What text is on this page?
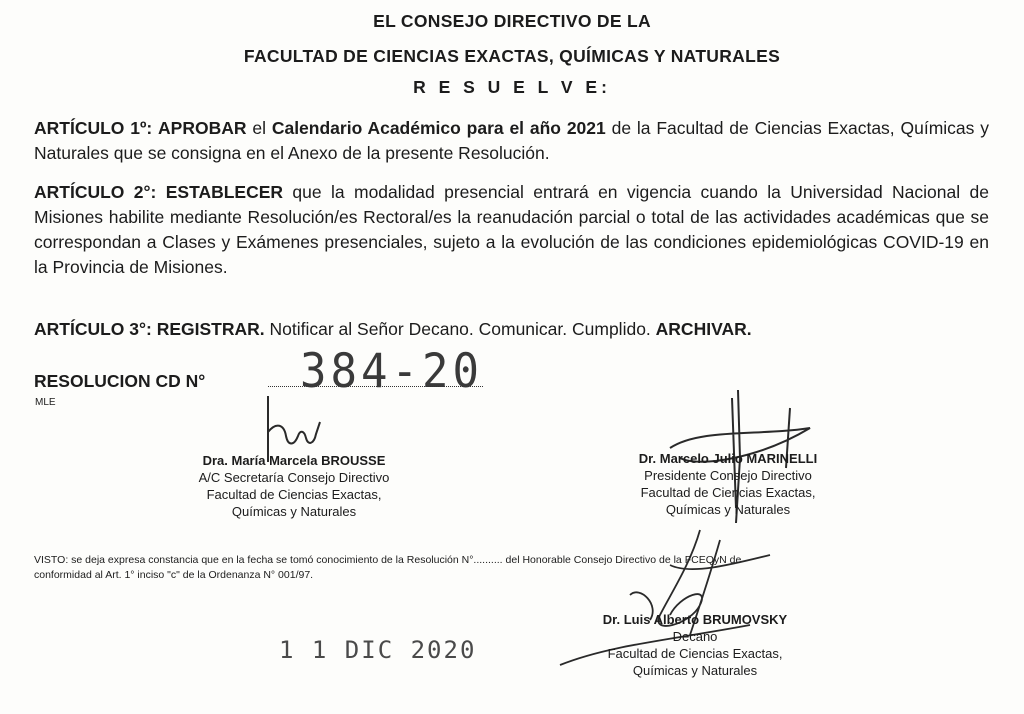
EL CONSEJO DIRECTIVO DE LA
FACULTAD DE CIENCIAS EXACTAS, QUÍMICAS Y NATURALES
R E S U E L V E:
ARTÍCULO 1º: APROBAR el Calendario Académico para el año 2021 de la Facultad de Ciencias Exactas, Químicas y Naturales que se consigna en el Anexo de la presente Resolución.
ARTÍCULO 2°: ESTABLECER que la modalidad presencial entrará en vigencia cuando la Universidad Nacional de Misiones habilite mediante Resolución/es Rectoral/es la reanudación parcial o total de las actividades académicas que se correspondan a Clases y Exámenes presenciales, sujeto a la evolución de las condiciones epidemiológicas COVID-19 en la Provincia de Misiones.
ARTÍCULO 3°: REGISTRAR. Notificar al Señor Decano. Comunicar. Cumplido. ARCHIVAR.
RESOLUCION CD N° 384-20
MLE
Dra. María Marcela BROUSSE
A/C Secretaría Consejo Directivo
Facultad de Ciencias Exactas,
Químicas y Naturales
Dr. Marcelo Julio MARINELLI
Presidente Consejo Directivo
Facultad de Ciencias Exactas,
Químicas y Naturales
VISTO: se deja expresa constancia que en la fecha se tomó conocimiento de la Resolución N°.......... del Honorable Consejo Directivo de la FCEQyN de
conformidad al Art. 1° inciso "c" de la Ordenanza N° 001/97.
Dr. Luis Alberto BRUMOVSKY
Decano
Facultad de Ciencias Exactas,
Químicas y Naturales
1 1 DIC 2020
